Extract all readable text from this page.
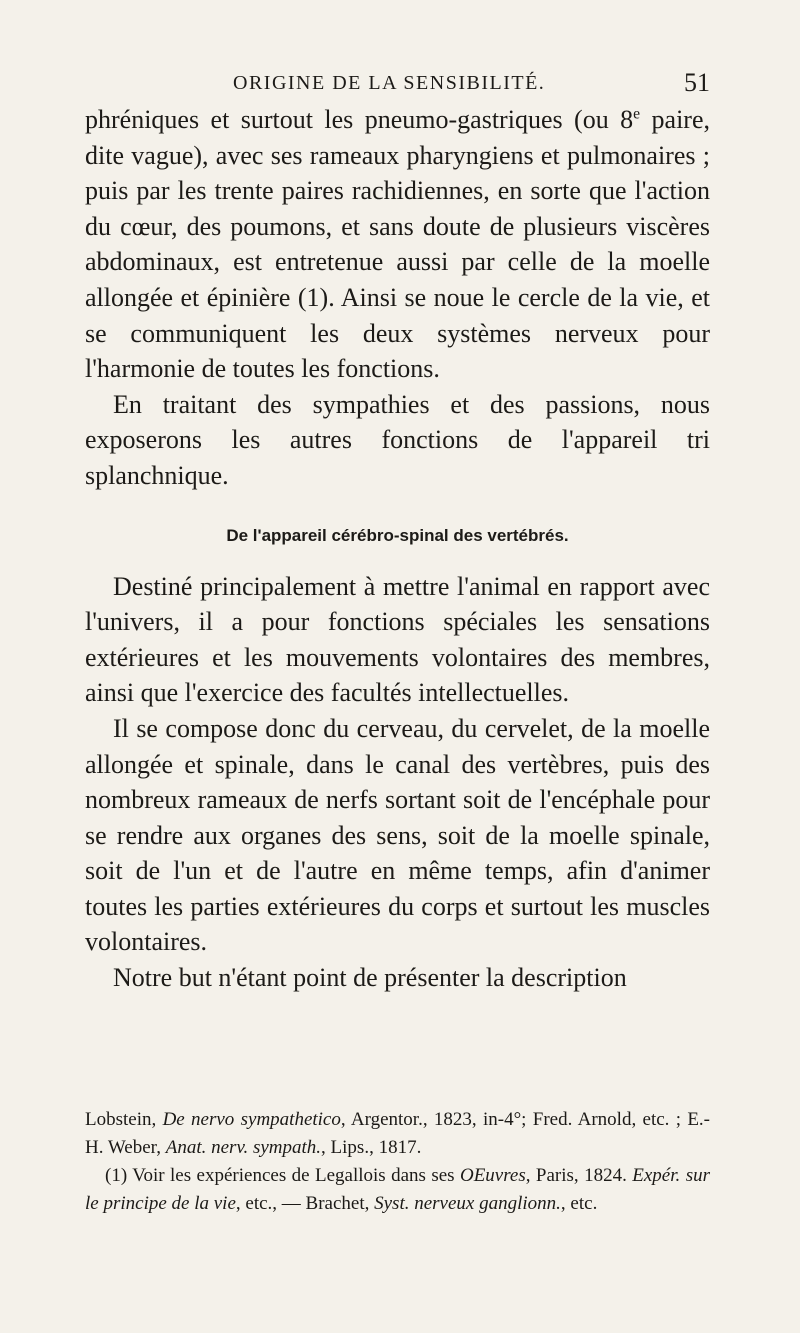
ORIGINE DE LA SENSIBILITÉ.	51

phréniques et surtout les pneumo-gastriques (ou 8e paire, dite vague), avec ses rameaux pharyngiens et pulmonaires ; puis par les trente paires rachidiennes, en sorte que l'action du cœur, des poumons, et sans doute de plusieurs viscères abdominaux, est entretenue aussi par celle de la moelle allongée et épinière (1). Ainsi se noue le cercle de la vie, et se communiquent les deux systèmes nerveux pour l'harmonie de toutes les fonctions.

En traitant des sympathies et des passions, nous exposerons les autres fonctions de l'appareil tri splanchnique.

De l'appareil cérébro-spinal des vertébrés.

Destiné principalement à mettre l'animal en rapport avec l'univers, il a pour fonctions spéciales les sensations extérieures et les mouvements volontaires des membres, ainsi que l'exercice des facultés intellectuelles.

Il se compose donc du cerveau, du cervelet, de la moelle allongée et spinale, dans le canal des vertèbres, puis des nombreux rameaux de nerfs sortant soit de l'encéphale pour se rendre aux organes des sens, soit de la moelle spinale, soit de l'un et de l'autre en même temps, afin d'animer toutes les parties extérieures du corps et surtout les muscles volontaires.

Notre but n'étant point de présenter la description

Lobstein, De nervo sympathetico, Argentor., 1823, in-4°; Fred. Arnold, etc. ; E.-H. Weber, Anat. nerv. sympath., Lips., 1817.

(1) Voir les expériences de Legallois dans ses OEuvres, Paris, 1824. Expér. sur le principe de la vie, etc., — Brachet, Syst. nerveux ganglionn., etc.
